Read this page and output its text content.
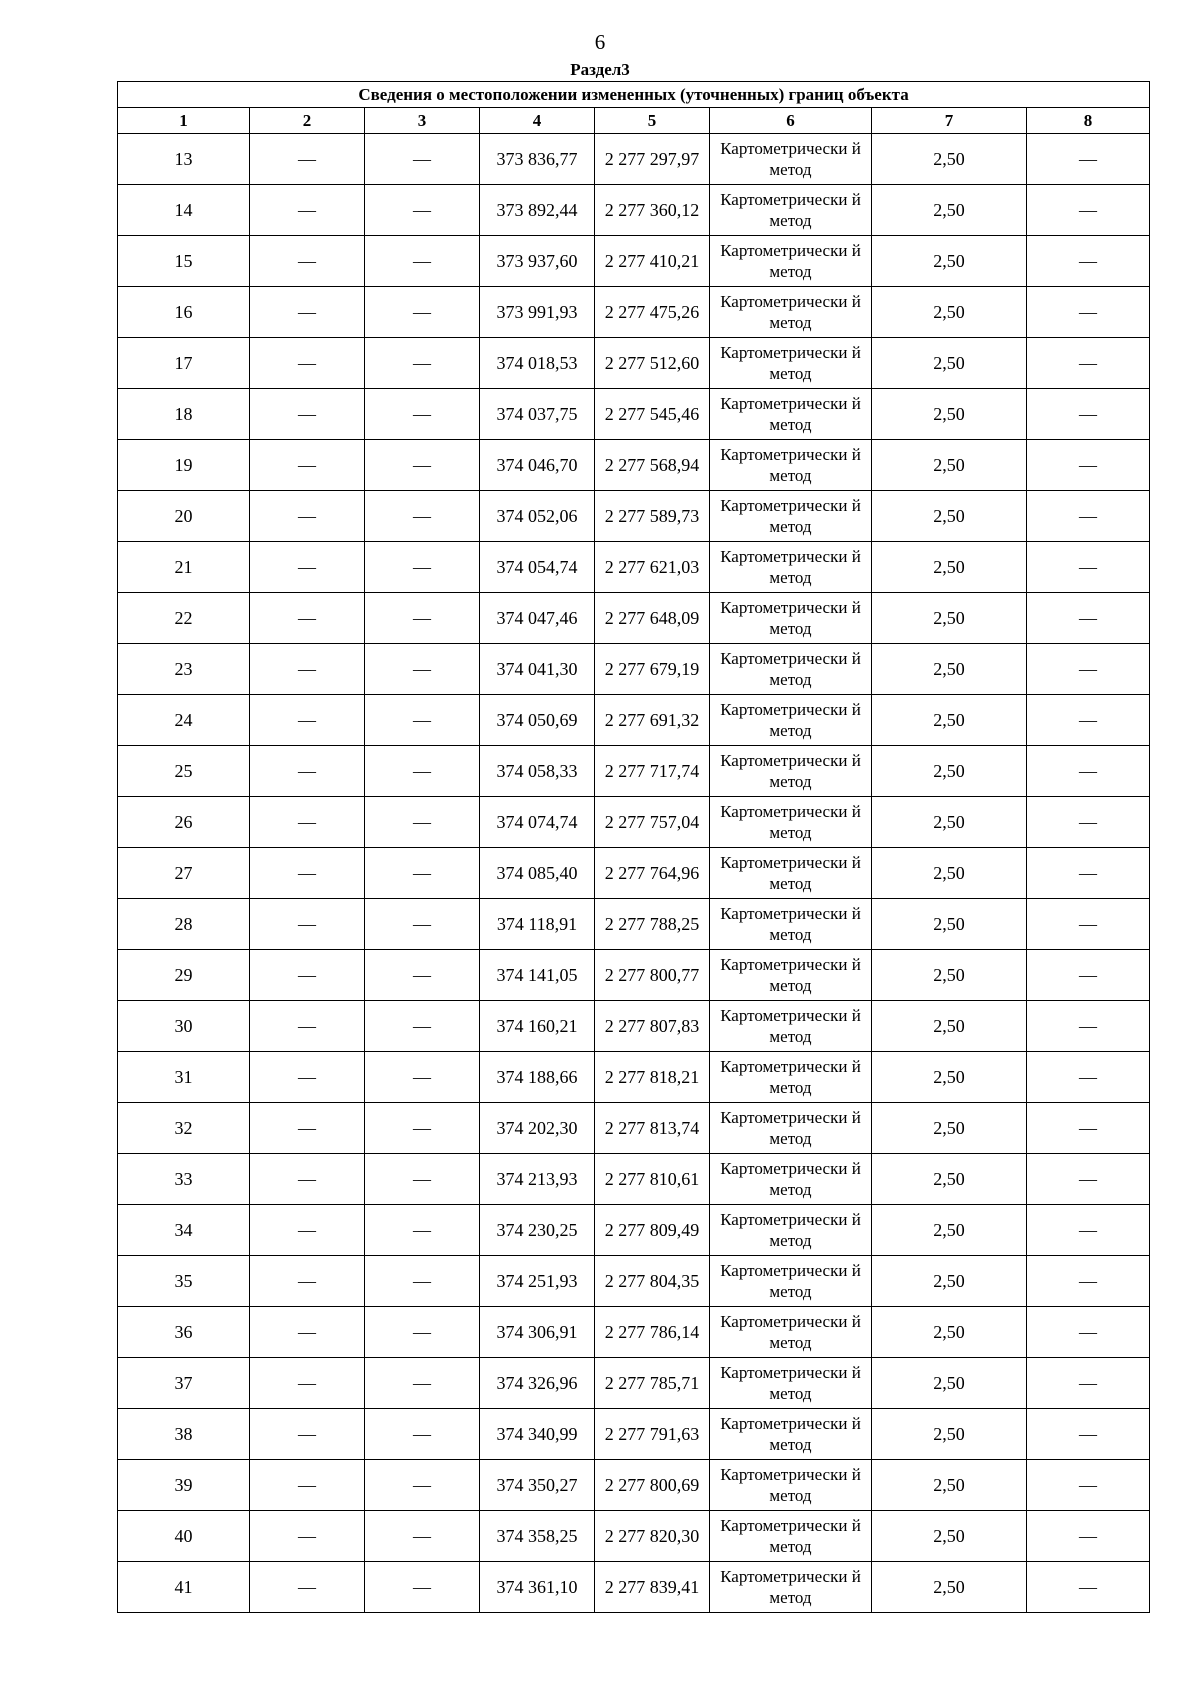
6
Раздел3
Сведения о местоположении измененных (уточненных) границ объекта							
1	2	3	4	5	6	7	8
13	—	—	373 836,77	2 277 297,97	Картометрически й метод	2,50	—
14	—	—	373 892,44	2 277 360,12	Картометрически й метод	2,50	—
15	—	—	373 937,60	2 277 410,21	Картометрически й метод	2,50	—
16	—	—	373 991,93	2 277 475,26	Картометрически й метод	2,50	—
17	—	—	374 018,53	2 277 512,60	Картометрически й метод	2,50	—
18	—	—	374 037,75	2 277 545,46	Картометрически й метод	2,50	—
19	—	—	374 046,70	2 277 568,94	Картометрически й метод	2,50	—
20	—	—	374 052,06	2 277 589,73	Картометрически й метод	2,50	—
21	—	—	374 054,74	2 277 621,03	Картометрически й метод	2,50	—
22	—	—	374 047,46	2 277 648,09	Картометрически й метод	2,50	—
23	—	—	374 041,30	2 277 679,19	Картометрически й метод	2,50	—
24	—	—	374 050,69	2 277 691,32	Картометрически й метод	2,50	—
25	—	—	374 058,33	2 277 717,74	Картометрически й метод	2,50	—
26	—	—	374 074,74	2 277 757,04	Картометрически й метод	2,50	—
27	—	—	374 085,40	2 277 764,96	Картометрически й метод	2,50	—
28	—	—	374 118,91	2 277 788,25	Картометрически й метод	2,50	—
29	—	—	374 141,05	2 277 800,77	Картометрически й метод	2,50	—
30	—	—	374 160,21	2 277 807,83	Картометрически й метод	2,50	—
31	—	—	374 188,66	2 277 818,21	Картометрически й метод	2,50	—
32	—	—	374 202,30	2 277 813,74	Картометрически й метод	2,50	—
33	—	—	374 213,93	2 277 810,61	Картометрически й метод	2,50	—
34	—	—	374 230,25	2 277 809,49	Картометрически й метод	2,50	—
35	—	—	374 251,93	2 277 804,35	Картометрически й метод	2,50	—
36	—	—	374 306,91	2 277 786,14	Картометрически й метод	2,50	—
37	—	—	374 326,96	2 277 785,71	Картометрически й метод	2,50	—
38	—	—	374 340,99	2 277 791,63	Картометрически й метод	2,50	—
39	—	—	374 350,27	2 277 800,69	Картометрически й метод	2,50	—
40	—	—	374 358,25	2 277 820,30	Картометрически й метод	2,50	—
41	—	—	374 361,10	2 277 839,41	Картометрически й метод	2,50	—
